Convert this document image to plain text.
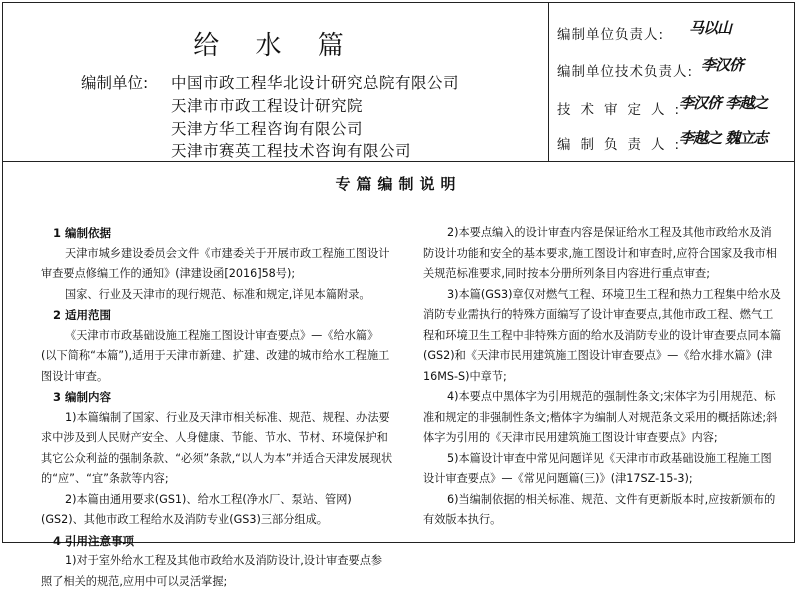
给 水 篇
编制单位: 中国市政工程华北设计研究总院有限公司
天津市市政工程设计研究院
天津方华工程咨询有限公司
天津市赛英工程技术咨询有限公司
编制单位负责人: 马以山
编制单位技术负责人: 李汉侪
技术审定人:
李汉侪 李越之
编制负责人:
李越之 魏立志
专篇编制说明
1 编制依据
天津市城乡建设委员会文件《市建委关于开展市政工程施工图设计审查要点修编工作的通知》(津建设函[2016]58号);
国家、行业及天津市的现行规范、标准和规定,详见本篇附录。
2 适用范围
《天津市市政基础设施工程施工图设计审查要点》—《给水篇》(以下简称“本篇”),适用于天津市新建、扩建、改建的城市给水工程施工图设计审查。
3 编制内容
1)本篇编制了国家、行业及天津市相关标准、规范、规程、办法要求中涉及到人民财产安全、人身健康、节能、节水、节材、环境保护和其它公众利益的强制条款、“必须”条款,“以人为本”并适合天津发展现状的“应”、“宜”条款等内容;
2)本篇由通用要求(GS1)、给水工程(净水厂、泵站、管网)(GS2)、其他市政工程给水及消防专业(GS3)三部分组成。
4 引用注意事项
1)对于室外给水工程及其他市政给水及消防设计,设计审查要点参照了相关的规范,应用中可以灵活掌握;
2)本要点编入的设计审查内容是保证给水工程及其他市政给水及消防设计功能和安全的基本要求,施工图设计和审查时,应符合国家及我市相关规范标准要求,同时按本分册所列条目内容进行重点审查;
3)本篇(GS3)章仅对燃气工程、环境卫生工程和热力工程集中给水及消防专业需执行的特殊方面编写了设计审查要点,其他市政工程、燃气工程和环境卫生工程中非特殊方面的给水及消防专业的设计审查要点同本篇(GS2)和《天津市民用建筑施工图设计审查要点》—《给水排水篇》(津16MS-S)中章节;
4)本要点中黑体字为引用规范的强制性条文;宋体字为引用规范、标准和规定的非强制性条文;楷体字为编制人对规范条文采用的概括陈述;斜体字为引用的《天津市民用建筑施工图设计审查要点》内容;
5)本篇设计审查中常见问题详见《天津市市政基础设施工程施工图设计审查要点》—《常见问题篇(三)》(津17SZ-15-3);
6)当编制依据的相关标准、规范、文件有更新版本时,应按新颁布的有效版本执行。
